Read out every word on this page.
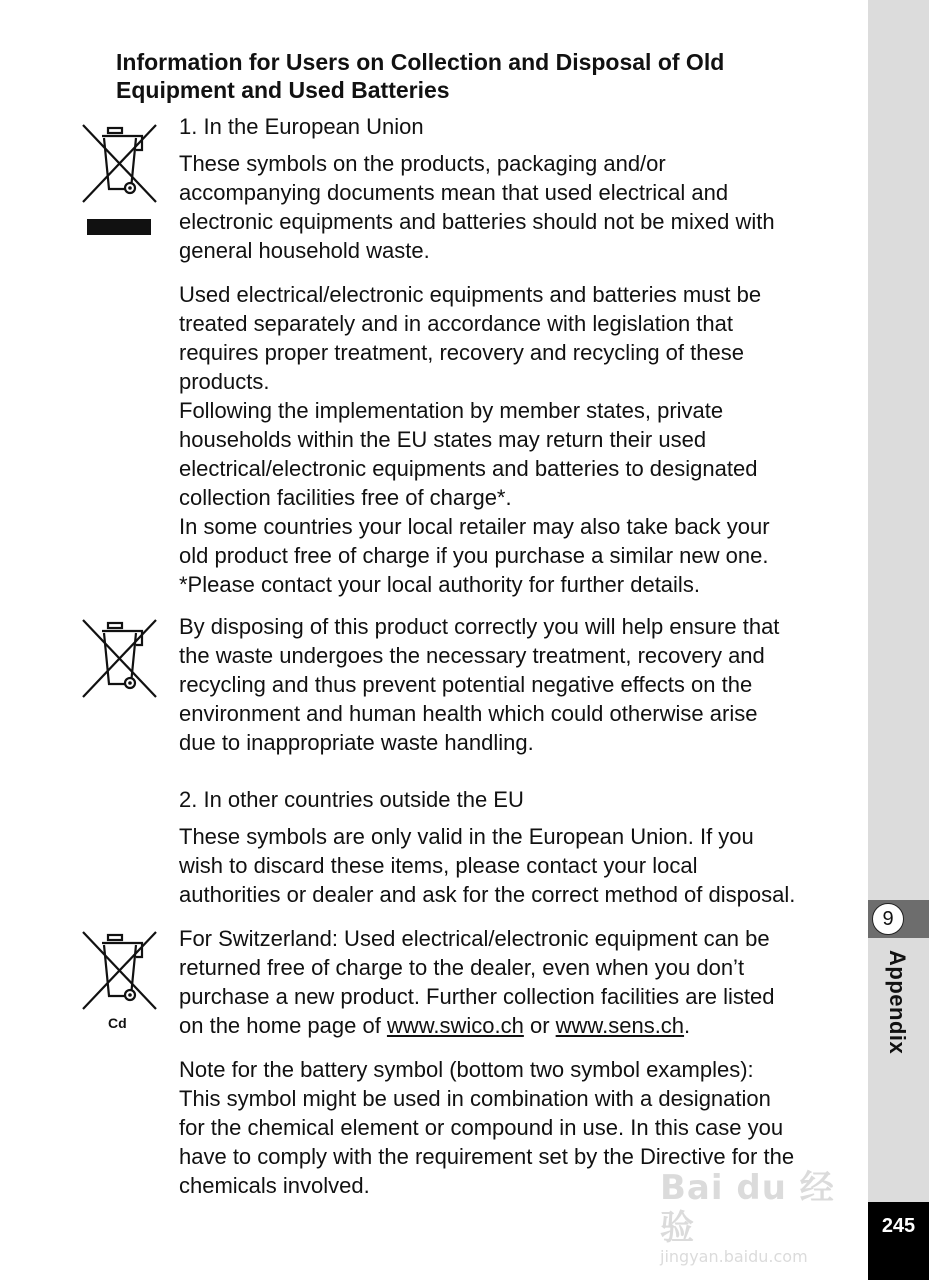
Information for Users on Collection and Disposal of Old
Equipment and Used Batteries

1. In the European Union

These symbols on the products, packaging and/or
accompanying documents mean that used electrical and
electronic equipments and batteries should not be mixed with
general household waste.

Used electrical/electronic equipments and batteries must be
treated separately and in accordance with legislation that
requires proper treatment, recovery and recycling of these
products.
Following the implementation by member states, private
households within the EU states may return their used
electrical/electronic equipments and batteries to designated
collection facilities free of charge*.
In some countries your local retailer may also take back your
old product free of charge if you purchase a similar new one.
*Please contact your local authority for further details.

By disposing of this product correctly you will help ensure that
the waste undergoes the necessary treatment, recovery and
recycling and thus prevent potential negative effects on the
environment and human health which could otherwise arise
due to inappropriate waste handling.

2. In other countries outside the EU

These symbols are only valid in the European Union. If you
wish to discard these items, please contact your local
authorities or dealer and ask for the correct method of disposal.

Cd

For Switzerland: Used electrical/electronic equipment can be
returned free of charge to the dealer, even when you don’t
purchase a new product. Further collection facilities are listed
on the home page of www.swico.ch or www.sens.ch.

Note for the battery symbol (bottom two symbol examples):
This symbol might be used in combination with a designation
for the chemical element or compound in use. In this case you
have to comply with the requirement set by the Directive for the
chemicals involved.	Bai du 经验
jingyan.baidu.com
9
Appendix
245
